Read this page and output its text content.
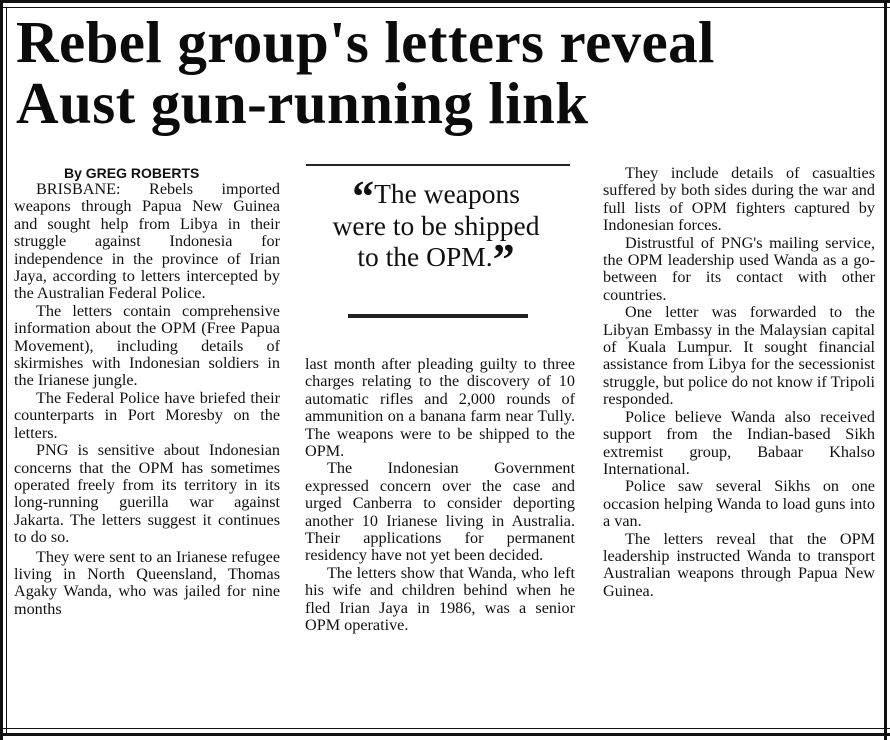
Rebel group's letters reveal
Aust gun-running link

By GREG ROBERTS

BRISBANE: Rebels imported weapons through Papua New Guinea and sought help from Libya in their struggle against Indonesia for independence in the province of Irian Jaya, according to letters intercepted by the Australian Federal Police.

The letters contain comprehensive information about the OPM (Free Papua Movement), including details of skirmishes with Indonesian soldiers in the Irianese jungle.

The Federal Police have briefed their counterparts in Port Moresby on the letters.

PNG is sensitive about Indonesian concerns that the OPM has sometimes operated freely from its territory in its long-running guerilla war against Jakarta. The letters suggest it continues to do so.

They were sent to an Irianese refugee living in North Queensland, Thomas Agaky Wanda, who was jailed for nine months

“The weapons
were to be shipped
to the OPM.”

last month after pleading guilty to three charges relating to the discovery of 10 automatic rifles and 2,000 rounds of ammunition on a banana farm near Tully. The weapons were to be shipped to the OPM.

The Indonesian Government expressed concern over the case and urged Canberra to consider deporting another 10 Irianese living in Australia. Their applications for permanent residency have not yet been decided.

The letters show that Wanda, who left his wife and children behind when he fled Irian Jaya in 1986, was a senior OPM operative.

They include details of casualties suffered by both sides during the war and full lists of OPM fighters captured by Indonesian forces.

Distrustful of PNG's mailing service, the OPM leadership used Wanda as a go-between for its contact with other countries.

One letter was forwarded to the Libyan Embassy in the Malaysian capital of Kuala Lumpur. It sought financial assistance from Libya for the secessionist struggle, but police do not know if Tripoli responded.

Police believe Wanda also received support from the Indian-based Sikh extremist group, Babaar Khalso International.

Police saw several Sikhs on one occasion helping Wanda to load guns into a van.

The letters reveal that the OPM leadership instructed Wanda to transport Australian weapons through Papua New Guinea.
